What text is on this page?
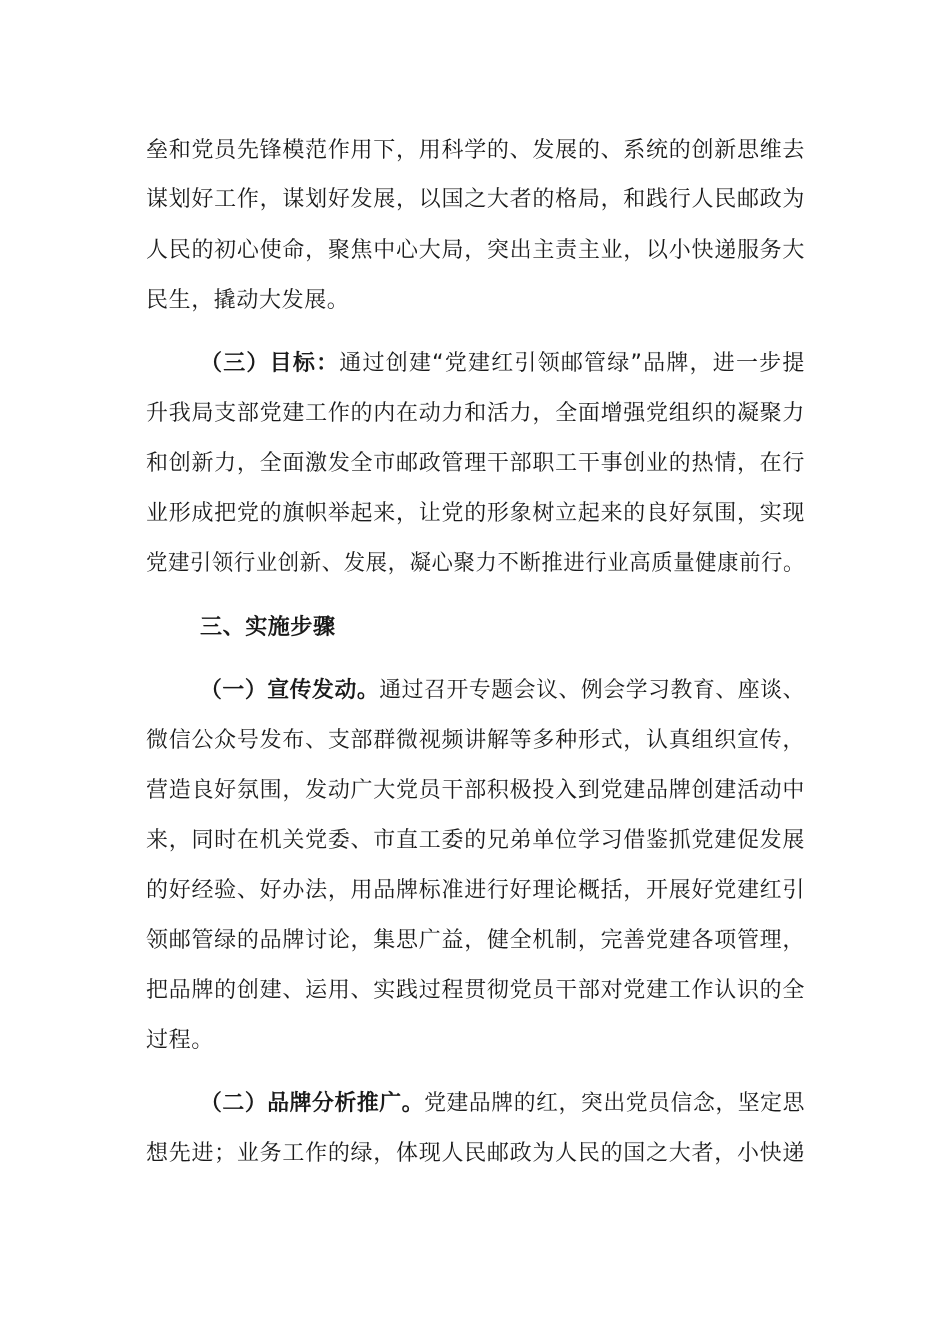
垒和党员先锋模范作用下，用科学的、发展的、系统的创新思维去
谋划好工作，谋划好发展，以国之大者的格局，和践行人民邮政为
人民的初心使命，聚焦中心大局，突出主责主业，以小快递服务大
民生，撬动大发展。
（三）目标：通过创建“党建红引领邮管绿”品牌，进一步提
升我局支部党建工作的内在动力和活力，全面增强党组织的凝聚力
和创新力，全面激发全市邮政管理干部职工干事创业的热情，在行
业形成把党的旗帜举起来，让党的形象树立起来的良好氛围，实现
党建引领行业创新、发展，凝心聚力不断推进行业高质量健康前行。
三、实施步骤
（一）宣传发动。通过召开专题会议、例会学习教育、座谈、
微信公众号发布、支部群微视频讲解等多种形式，认真组织宣传，
营造良好氛围，发动广大党员干部积极投入到党建品牌创建活动中
来，同时在机关党委、市直工委的兄弟单位学习借鉴抓党建促发展
的好经验、好办法，用品牌标准进行好理论概括，开展好党建红引
领邮管绿的品牌讨论，集思广益，健全机制，完善党建各项管理，
把品牌的创建、运用、实践过程贯彻党员干部对党建工作认识的全
过程。
（二）品牌分析推广。党建品牌的红，突出党员信念，坚定思
想先进；业务工作的绿，体现人民邮政为人民的国之大者，小快递
